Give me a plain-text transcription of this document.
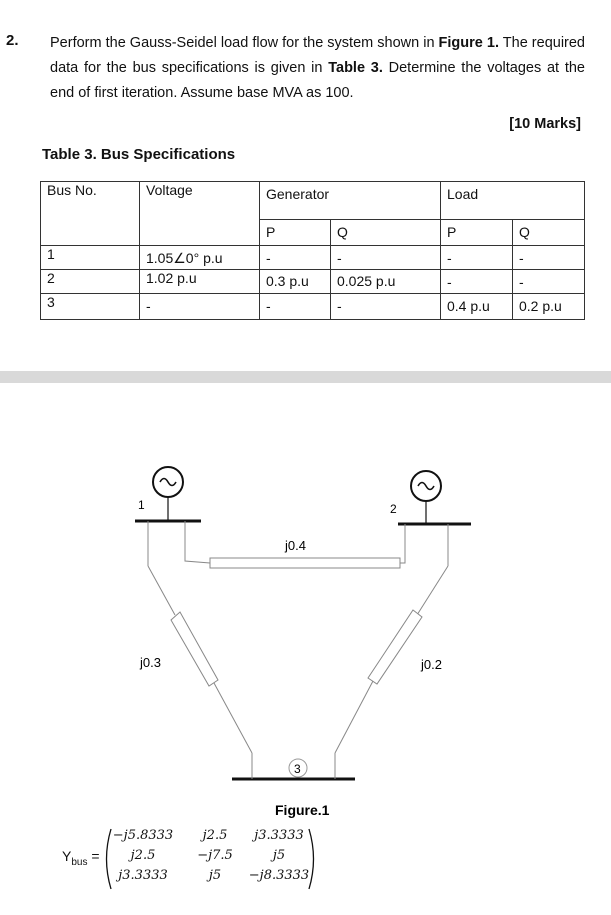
2. Perform the Gauss-Seidel load flow for the system shown in Figure 1. The required data for the bus specifications is given in Table 3. Determine the voltages at the end of first iteration. Assume base MVA as 100.
[10 Marks]
Table 3. Bus Specifications
Bus No.	Voltage	Generator		Load	
		P	Q	P	Q
1	1.05∠0° p.u	-	-	-	-
2	1.02 p.u	0.3 p.u	0.025 p.u	-	-
3	-	-	-	0.4 p.u	0.2 p.u
1	2
3
j0.4
j0.3	j0.2
Figure.1
$Y_{bus}$ =
−j5.8333	j2.5	j3.3333
j2.5	−j7.5	j5
j3.3333	j5	−j8.3333
